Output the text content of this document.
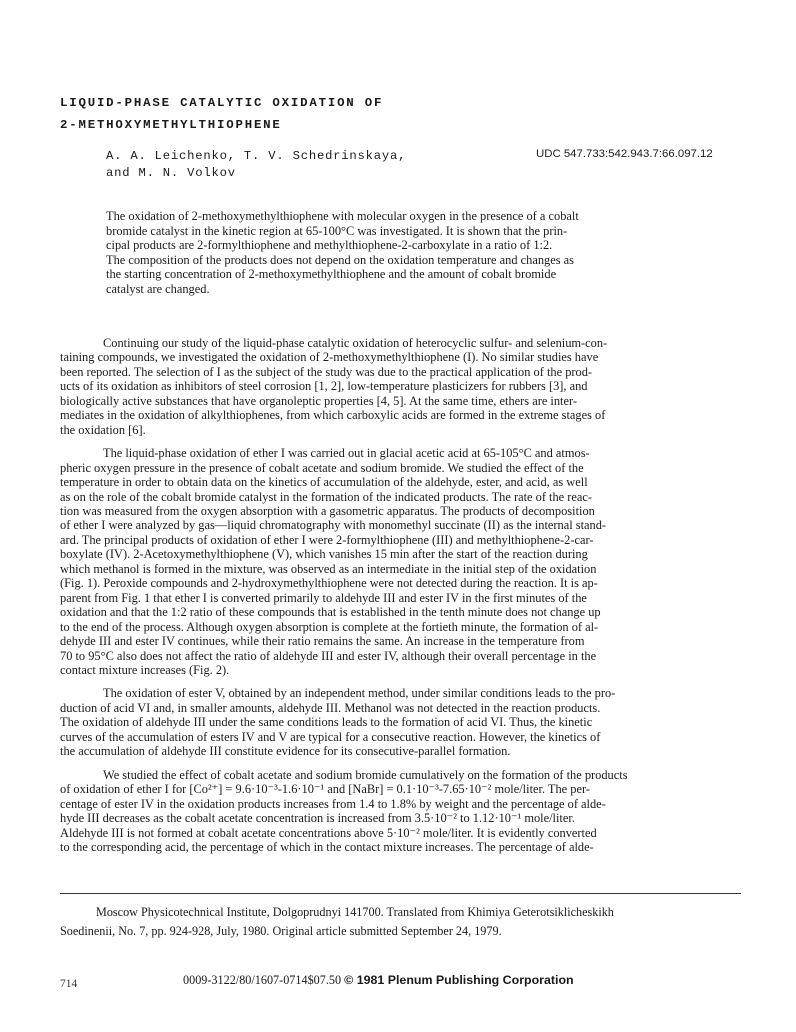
LIQUID-PHASE CATALYTIC OXIDATION OF
2-METHOXYMETHYLTHIOPHENE
A. A. Leichenko, T. V. Schedrinskaya,
and M. N. Volkov
UDC 547.733:542.943.7:66.097.12
The oxidation of 2-methoxymethylthiophene with molecular oxygen in the presence of a cobalt
bromide catalyst in the kinetic region at 65-100°C was investigated. It is shown that the prin-
cipal products are 2-formylthiophene and methylthiophene-2-carboxylate in a ratio of 1:2.
The composition of the products does not depend on the oxidation temperature and changes as
the starting concentration of 2-methoxymethylthiophene and the amount of cobalt bromide
catalyst are changed.
Continuing our study of the liquid-phase catalytic oxidation of heterocyclic sulfur- and selenium-con-
taining compounds, we investigated the oxidation of 2-methoxymethylthiophene (I). No similar studies have
been reported. The selection of I as the subject of the study was due to the practical application of the prod-
ucts of its oxidation as inhibitors of steel corrosion [1, 2], low-temperature plasticizers for rubbers [3], and
biologically active substances that have organoleptic properties [4, 5]. At the same time, ethers are inter-
mediates in the oxidation of alkylthiophenes, from which carboxylic acids are formed in the extreme stages of
the oxidation [6].
The liquid-phase oxidation of ether I was carried out in glacial acetic acid at 65-105°C and atmos-
pheric oxygen pressure in the presence of cobalt acetate and sodium bromide. We studied the effect of the
temperature in order to obtain data on the kinetics of accumulation of the aldehyde, ester, and acid, as well
as on the role of the cobalt bromide catalyst in the formation of the indicated products. The rate of the reac-
tion was measured from the oxygen absorption with a gasometric apparatus. The products of decomposition
of ether I were analyzed by gas—liquid chromatography with monomethyl succinate (II) as the internal stand-
ard. The principal products of oxidation of ether I were 2-formylthiophene (III) and methylthiophene-2-car-
boxylate (IV). 2-Acetoxymethylthiophene (V), which vanishes 15 min after the start of the reaction during
which methanol is formed in the mixture, was observed as an intermediate in the initial step of the oxidation
(Fig. 1). Peroxide compounds and 2-hydroxymethylthiophene were not detected during the reaction. It is ap-
parent from Fig. 1 that ether I is converted primarily to aldehyde III and ester IV in the first minutes of the
oxidation and that the 1:2 ratio of these compounds that is established in the tenth minute does not change up
to the end of the process. Although oxygen absorption is complete at the fortieth minute, the formation of al-
dehyde III and ester IV continues, while their ratio remains the same. An increase in the temperature from
70 to 95°C also does not affect the ratio of aldehyde III and ester IV, although their overall percentage in the
contact mixture increases (Fig. 2).
The oxidation of ester V, obtained by an independent method, under similar conditions leads to the pro-
duction of acid VI and, in smaller amounts, aldehyde III. Methanol was not detected in the reaction products.
The oxidation of aldehyde III under the same conditions leads to the formation of acid VI. Thus, the kinetic
curves of the accumulation of esters IV and V are typical for a consecutive reaction. However, the kinetics of
the accumulation of aldehyde III constitute evidence for its consecutive-parallel formation.
We studied the effect of cobalt acetate and sodium bromide cumulatively on the formation of the products
of oxidation of ether I for [Co²⁺] = 9.6·10⁻³-1.6·10⁻¹ and [NaBr] = 0.1·10⁻³-7.65·10⁻² mole/liter. The per-
centage of ester IV in the oxidation products increases from 1.4 to 1.8% by weight and the percentage of alde-
hyde III decreases as the cobalt acetate concentration is increased from 3.5·10⁻² to 1.12·10⁻¹ mole/liter.
Aldehyde III is not formed at cobalt acetate concentrations above 5·10⁻² mole/liter. It is evidently converted
to the corresponding acid, the percentage of which in the contact mixture increases. The percentage of alde-
Moscow Physicotechnical Institute, Dolgoprudnyi 141700. Translated from Khimiya Geterotsiklicheskikh
Soedinenii, No. 7, pp. 924-928, July, 1980. Original article submitted September 24, 1979.
714	0009-3122/80/1607-0714$07.50 © 1981 Plenum Publishing Corporation
